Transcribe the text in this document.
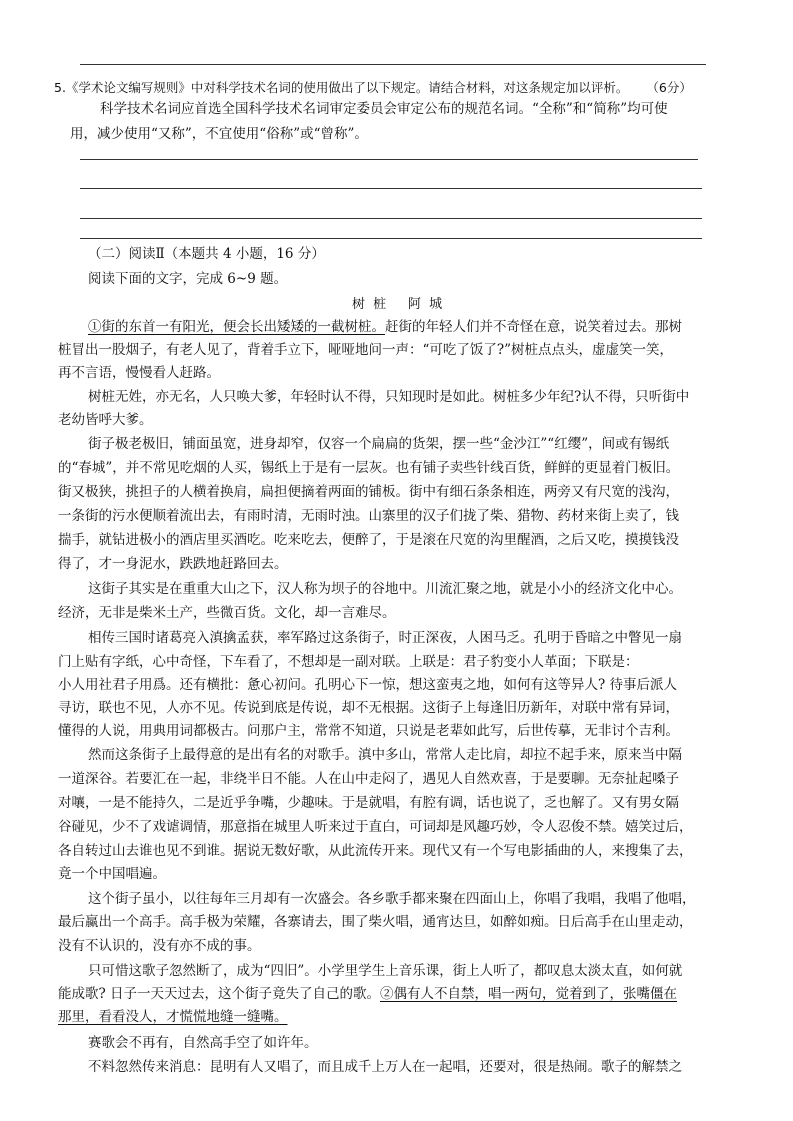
5.《学术论文编写规则》中对科学技术名词的使用做出了以下规定。请结合材料，对这条规定加以评析。 （6分）
科学技术名词应首选全国科学技术名词审定委员会审定公布的规范名词。“全称”和“简称”均可使
用，减少使用“又称”，不宜使用“俗称”或“曾称”。
（二）阅读Ⅱ（本题共 4 小题，16 分）
阅读下面的文字，完成 6~9 题。
树 桩 阿 城
①街的东首一有阳光，便会长出矮矮的一截树桩。赶街的年轻人们并不奇怪在意，说笑着过去。那树
桩冒出一股烟子，有老人见了，背着手立下，哑哑地问一声：“可吃了饭了?”树桩点点头，虚虚笑一笑，
再不言语，慢慢看人赶路。
树桩无姓，亦无名，人只唤大爹，年轻时认不得，只知现时是如此。树桩多少年纪?认不得，只听街中
老幼皆呼大爹。
街子极老极旧，铺面虽宽，进身却窄，仅容一个扁扁的货架，摆一些“金沙江”“红缨”，间或有锡纸
的“春城”，并不常见吃烟的人买，锡纸上于是有一层灰。也有铺子卖些针线百货，鲜鲜的更显着门板旧。
街又极狭，挑担子的人横着换肩，扁担便摘着两面的铺板。街中有细石条条相连，两旁又有尺宽的浅沟，
一条街的污水便顺着流出去，有雨时清，无雨时浊。山寨里的汉子们拢了柴、猎物、药材来街上卖了，钱
揣手，就钻进极小的酒店里买酒吃。吃来吃去，便醉了，于是滚在尺宽的沟里醒酒，之后又吃，摸摸钱没
得了，才一身泥水，跌跌地赶路回去。
这街子其实是在重重大山之下，汉人称为坝子的谷地中。川流汇聚之地，就是小小的经济文化中心。
经济，无非是柴米土产，些微百货。文化，却一言难尽。
相传三国时诸葛亮入滇擒孟获，率军路过这条街子，时正深夜，人困马乏。孔明于昏暗之中瞥见一扇
门上贴有字纸，心中奇怪，下车看了，不想却是一副对联。上联是：君子豹变小人革面；下联是：
小人用社君子用爲。还有横批：惫心初问。孔明心下一惊，想这蛮夷之地，如何有这等异人? 待事后派人
寻访，联也不见，人亦不见。传说到底是传说，却不无根据。这街子上每逢旧历新年，对联中常有异词，
懂得的人说，用典用词都极古。问那户主，常常不知道，只说是老辈如此写，后世传摹，无非讨个吉利。
然而这条街子上最得意的是出有名的对歌手。滇中多山，常常人走比肩，却拉不起手来，原来当中隔
一道深谷。若要汇在一起，非绕半日不能。人在山中走闷了，遇见人自然欢喜，于是要聊。无奈扯起嗓子
对嚷，一是不能持久，二是近乎争嘴，少趣味。于是就唱，有腔有调，话也说了，乏也解了。又有男女隔
谷碰见，少不了戏谑调情，那意指在城里人听来过于直白，可词却是风趣巧妙，令人忍俊不禁。嬉笑过后，
各自转过山去谁也见不到谁。据说无数好歌，从此流传开来。现代又有一个写电影插曲的人，来搜集了去，
竟一个中国唱遍。
这个街子虽小，以往每年三月却有一次盛会。各乡歌手都来聚在四面山上，你唱了我唱，我唱了他唱，
最后赢出一个高手。高手极为荣耀，各寨请去，围了柴火唱，通宵达旦，如醉如痴。日后高手在山里走动，
没有不认识的，没有亦不成的事。
只可惜这歌子忽然断了，成为“四旧”。小学里学生上音乐课，街上人听了，都叹息太淡太直，如何就
能成歌? 日子一天天过去，这个街子竟失了自己的歌。②偶有人不自禁，唱一两句，觉着到了，张嘴僵在
那里，看看没人，才慌慌地缝一缝嘴。
赛歌会不再有，自然高手空了如许年。
不料忽然传来消息：昆明有人又唱了，而且成千上万人在一起唱，还要对，很是热闹。歌子的解禁之
